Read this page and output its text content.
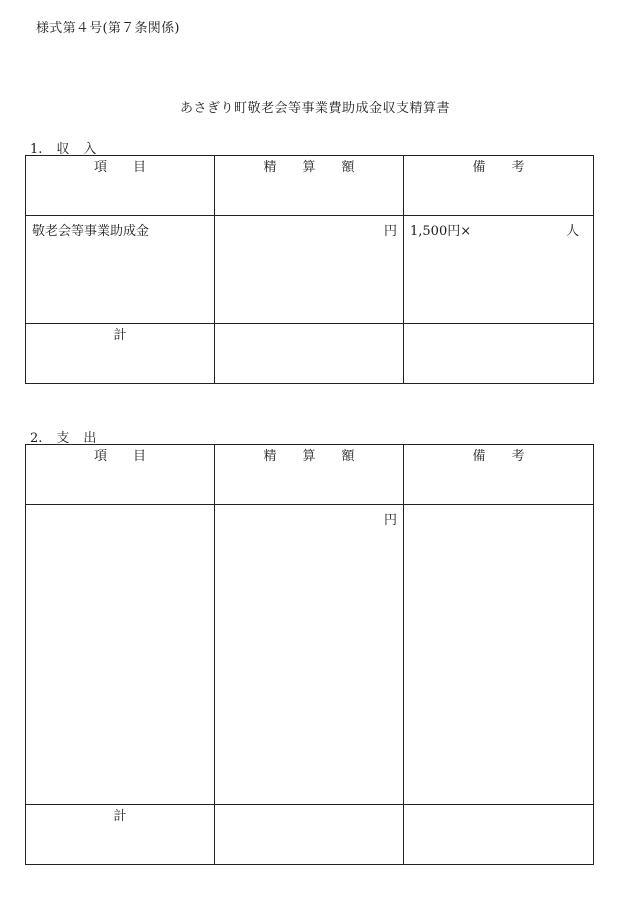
様式第４号(第７条関係)
あさぎり町敬老会等事業費助成金収支精算書
1. 収 入
項 目	精 算 額	備 考
敬老会等事業助成金	円	1,500円× 人

計		
2. 支 出
項 目	精 算 額	備 考
	円	
計		
